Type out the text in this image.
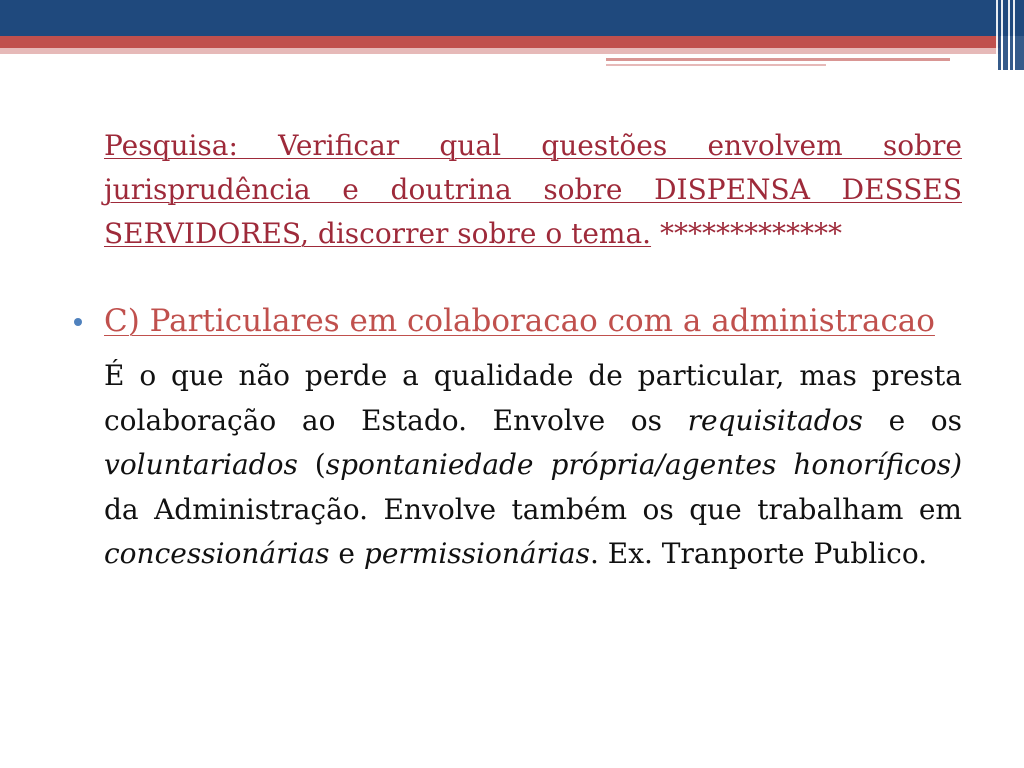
Pesquisa: Verificar qual questões envolvem sobre jurisprudência e doutrina sobre DISPENSA DESSES SERVIDORES, discorrer sobre o tema. *************

C) Particulares em colaboracao com a administracao

É o que não perde a qualidade de particular, mas presta colaboração ao Estado. Envolve os requisitados e os voluntariados (spontaniedade própria/agentes honoríficos) da Administração. Envolve também os que trabalham em concessionárias e permissionárias. Ex. Tranporte Publico.
